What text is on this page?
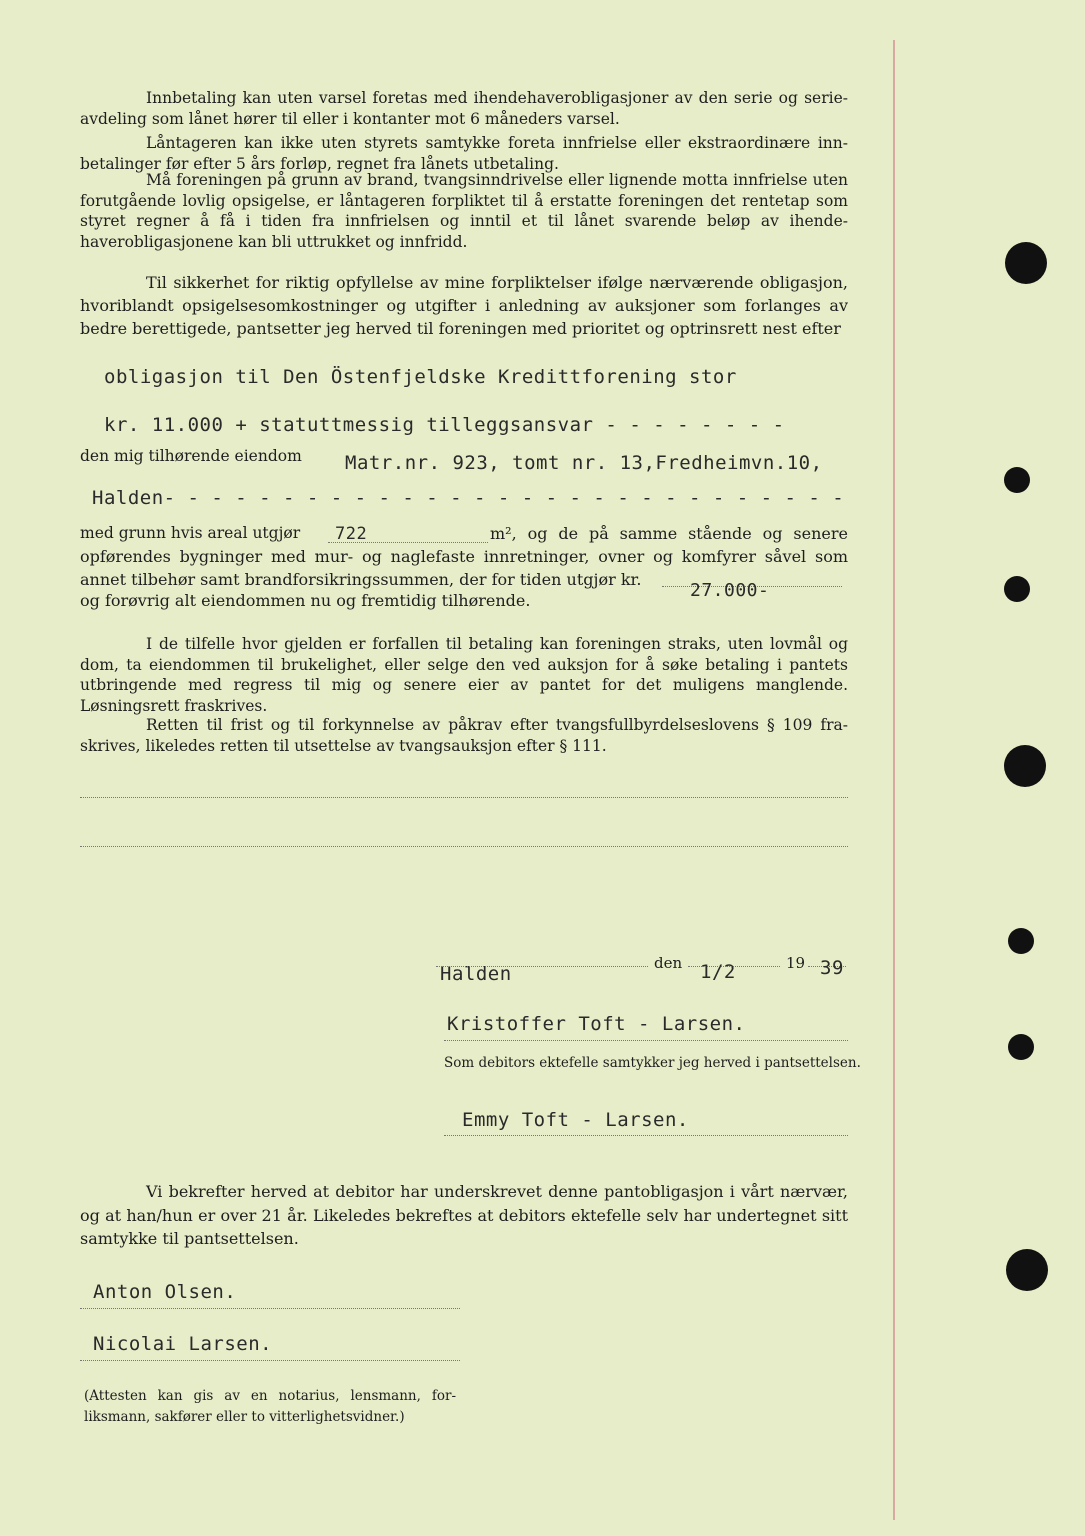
Innbetaling kan uten varsel foretas med ihendehaverobligasjoner av den serie og serieavdeling som lånet hører til eller i kontanter mot 6 måneders varsel.

Låntageren kan ikke uten styrets samtykke foreta innfrielse eller ekstraordinære innbetalinger før efter 5 års forløp, regnet fra lånets utbetaling.

Må foreningen på grunn av brand, tvangsinndrivelse eller lignende motta innfrielse uten forutgående lovlig opsigelse, er låntageren forpliktet til å erstatte foreningen det rentetap som styret regner å få i tiden fra innfrielsen og inntil et til lånet svarende beløp av ihendehaverobligasjonene kan bli uttrukket og innfridd.

Til sikkerhet for riktig opfyllelse av mine forpliktelser ifølge nærværende obligasjon, hvoriblandt opsigelsesomkostninger og utgifter i anledning av auksjoner som forlanges av bedre berettigede, pantsetter jeg herved til foreningen med prioritet og optrinsrett nest efter

obligasjon til Den Östenfjeldske Kredittforening stor
kr. 11.000 + statuttmessig tilleggsansvar - - - - - - - -
den mig tilhørende eiendom Matr.nr. 923, tomt nr. 13,Fredheimvn.10,
Halden- - - - - - - - - - - - - - - - - - - - - - - - - - - - -
med grunn hvis areal utgjør 722	m², og de på samme stående og senere opførendes bygninger med mur- og naglefaste innretninger, ovner og komfyrer såvel som annet tilbehør samt brandforsikringssummen, der for tiden utgjør kr.

27.000-
og forøvrig alt eiendommen nu og fremtidig tilhørende.

I de tilfelle hvor gjelden er forfallen til betaling kan foreningen straks, uten lovmål og dom, ta eiendommen til brukelighet, eller selge den ved auksjon for å søke betaling i pantets utbringende med regress til mig og senere eier av pantet for det muligens manglende. Løsningsrett fraskrives.

Retten til frist og til forkynnelse av påkrav efter tvangsfullbyrdelseslovens § 109 fraskrives, likeledes retten til utsettelse av tvangsauksjon efter § 111.

Halden	den 1/2	19 39
Kristoffer Toft - Larsen.
Som debitors ektefelle samtykker jeg herved i pantsettelsen.
Emmy Toft - Larsen.

Vi bekrefter herved at debitor har underskrevet denne pantobligasjon i vårt nærvær, og at han/hun er over 21 år. Likeledes bekreftes at debitors ektefelle selv har undertegnet sitt samtykke til pantsettelsen.

Anton Olsen.
Nicolai Larsen.

(Attesten kan gis av en notarius, lensmann, forliksmann, sakfører eller to vitterlighetsvidner.)
